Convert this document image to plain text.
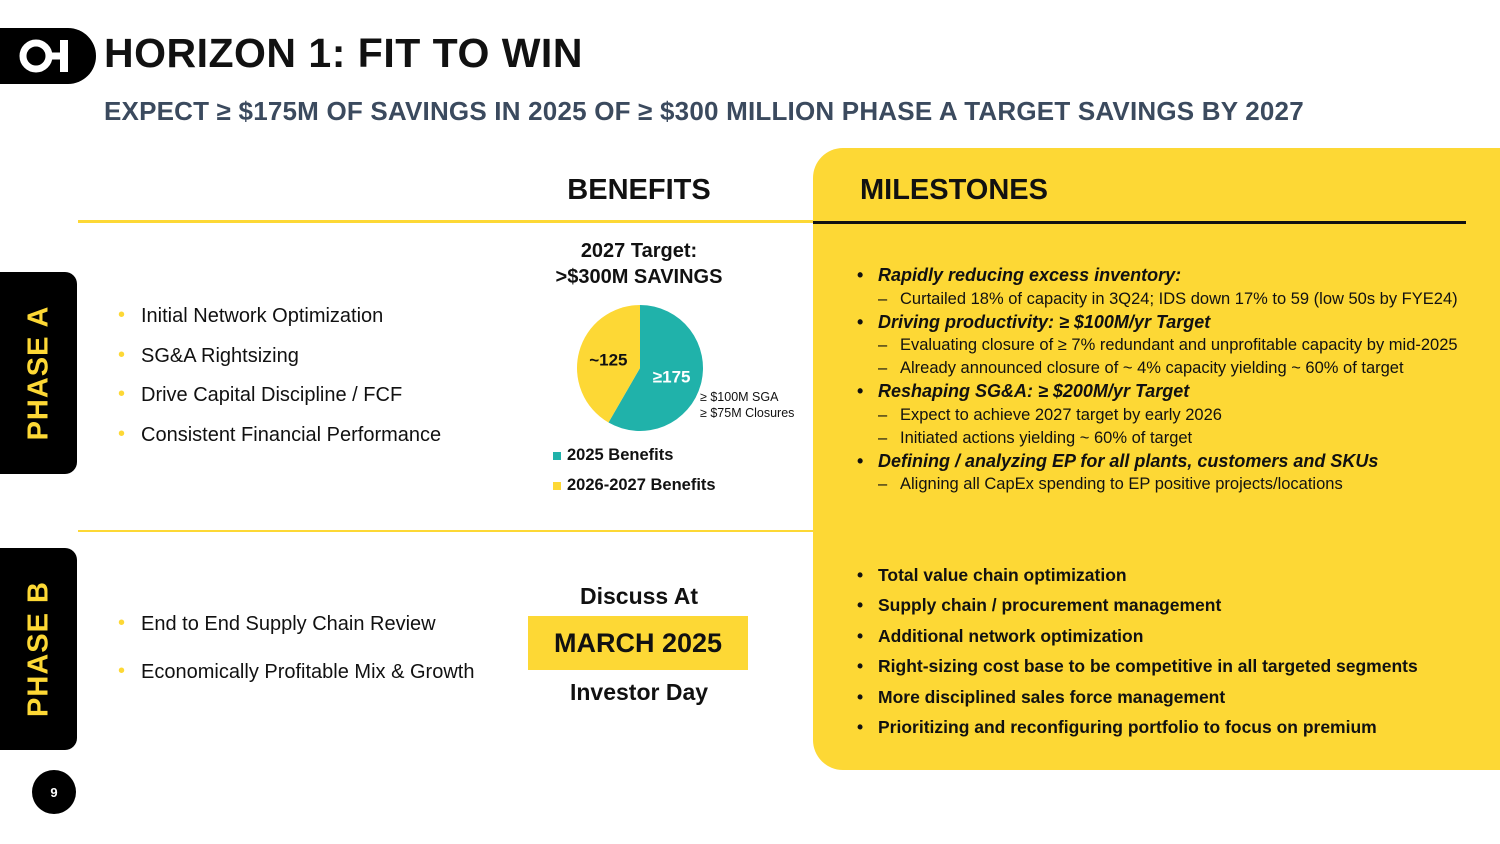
HORIZON 1: FIT TO WIN
EXPECT ≥ $175M OF SAVINGS IN 2025 OF ≥ $300 MILLION PHASE A TARGET SAVINGS BY 2027
BENEFITS	MILESTONES
PHASE A
PHASE B
• Initial Network Optimization
• SG&A Rightsizing
• Drive Capital Discipline / FCF
• Consistent Financial Performance
2027 Target:
>$300M SAVINGS
≥175
~125
≥ $100M SGA
≥ $75M Closures
2025 Benefits
2026-2027 Benefits
• Rapidly reducing excess inventory:
– Curtailed 18% of capacity in 3Q24; IDS down 17% to 59 (low 50s by FYE24)
• Driving productivity: ≥ $100M/yr Target
– Evaluating closure of ≥ 7% redundant and unprofitable capacity by mid-2025
– Already announced closure of ~ 4% capacity yielding ~ 60% of target
• Reshaping SG&A: ≥ $200M/yr Target
– Expect to achieve 2027 target by early 2026
– Initiated actions yielding ~ 60% of target
• Defining / analyzing EP for all plants, customers and SKUs
– Aligning all CapEx spending to EP positive projects/locations
• End to End Supply Chain Review
• Economically Profitable Mix & Growth
Discuss At
MARCH 2025
Investor Day
• Total value chain optimization
• Supply chain / procurement management
• Additional network optimization
• Right-sizing cost base to be competitive in all targeted segments
• More disciplined sales force management
• Prioritizing and reconfiguring portfolio to focus on premium
9
